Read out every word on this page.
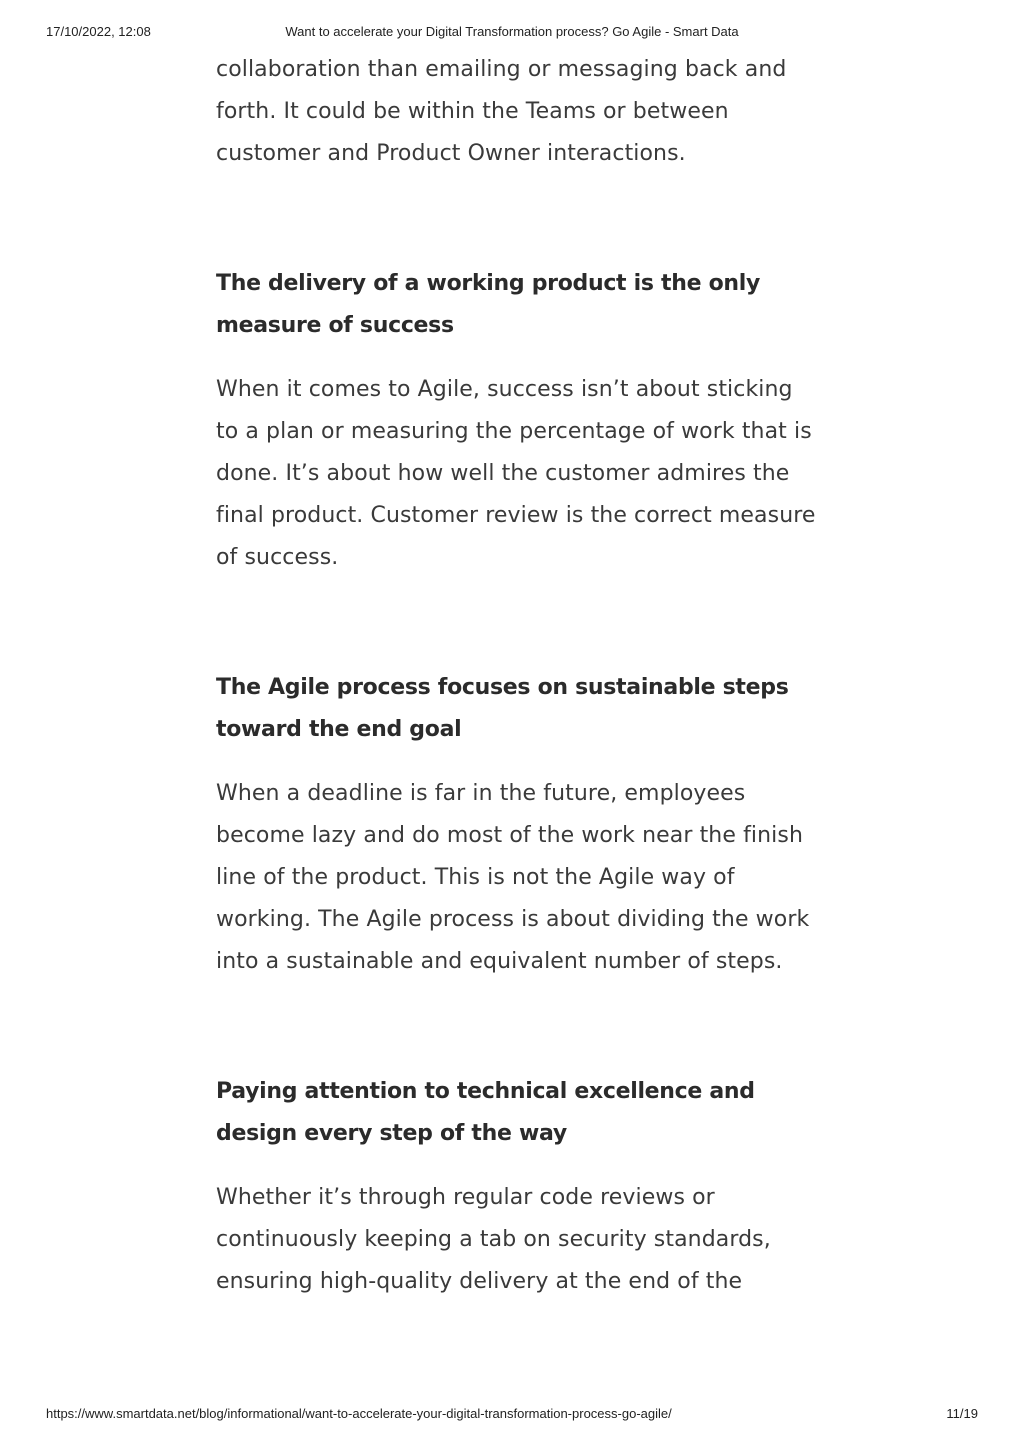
17/10/2022, 12:08	Want to accelerate your Digital Transformation process? Go Agile - Smart Data

collaboration than emailing or messaging back and forth. It could be within the Teams or between customer and Product Owner interactions.

The delivery of a working product is the only measure of success

When it comes to Agile, success isn’t about sticking to a plan or measuring the percentage of work that is done. It’s about how well the customer admires the final product. Customer review is the correct measure of success.

The Agile process focuses on sustainable steps toward the end goal

When a deadline is far in the future, employees become lazy and do most of the work near the finish line of the product. This is not the Agile way of working. The Agile process is about dividing the work into a sustainable and equivalent number of steps.

Paying attention to technical excellence and design every step of the way

Whether it’s through regular code reviews or continuously keeping a tab on security standards, ensuring high-quality delivery at the end of the

https://www.smartdata.net/blog/informational/want-to-accelerate-your-digital-transformation-process-go-agile/	11/19
